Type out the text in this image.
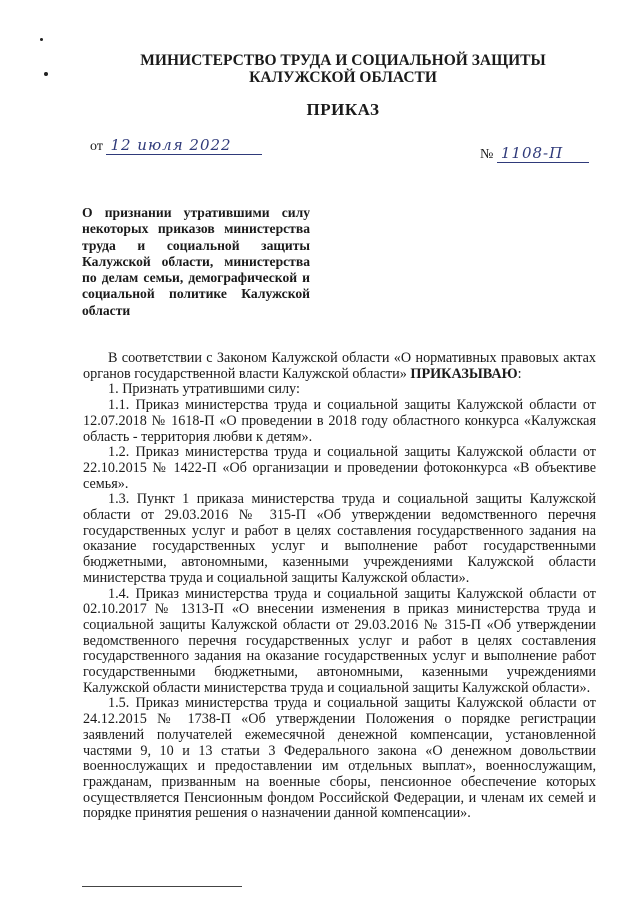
МИНИСТЕРСТВО ТРУДА И СОЦИАЛЬНОЙ ЗАЩИТЫ
КАЛУЖСКОЙ ОБЛАСТИ
ПРИКАЗ
от 12 июля 2022
№ 1108-П
О признании утратившими силу некоторых приказов министерства труда и социальной защиты Калужской области, министерства по делам семьи, демографической и социальной политике Калужской области

В соответствии с Законом Калужской области «О нормативных правовых актах органов государственной власти Калужской области» ПРИКАЗЫВАЮ:

1. Признать утратившими силу:

1.1. Приказ министерства труда и социальной защиты Калужской области от 12.07.2018 № 1618-П «О проведении в 2018 году областного конкурса «Калужская область - территория любви к детям».

1.2. Приказ министерства труда и социальной защиты Калужской области от 22.10.2015 № 1422-П «Об организации и проведении фотоконкурса «В объективе семья».

1.3. Пункт 1 приказа министерства труда и социальной защиты Калужской области от 29.03.2016 № 315-П «Об утверждении ведомственного перечня государственных услуг и работ в целях составления государственного задания на оказание государственных услуг и выполнение работ государственными бюджетными, автономными, казенными учреждениями Калужской области министерства труда и социальной защиты Калужской области».

1.4. Приказ министерства труда и социальной защиты Калужской области от 02.10.2017 № 1313-П «О внесении изменения в приказ министерства труда и социальной защиты Калужской области от 29.03.2016 № 315-П «Об утверждении ведомственного перечня государственных услуг и работ в целях составления государственного задания на оказание государственных услуг и выполнение работ государственными бюджетными, автономными, казенными учреждениями Калужской области министерства труда и социальной защиты Калужской области».

1.5. Приказ министерства труда и социальной защиты Калужской области от 24.12.2015 № 1738-П «Об утверждении Положения о порядке регистрации заявлений получателей ежемесячной денежной компенсации, установленной частями 9, 10 и 13 статьи 3 Федерального закона «О денежном довольствии военнослужащих и предоставлении им отдельных выплат», военнослужащим, гражданам, призванным на военные сборы, пенсионное обеспечение которых осуществляется Пенсионным фондом Российской Федерации, и членам их семей и порядке принятия решения о назначении данной компенсации».
